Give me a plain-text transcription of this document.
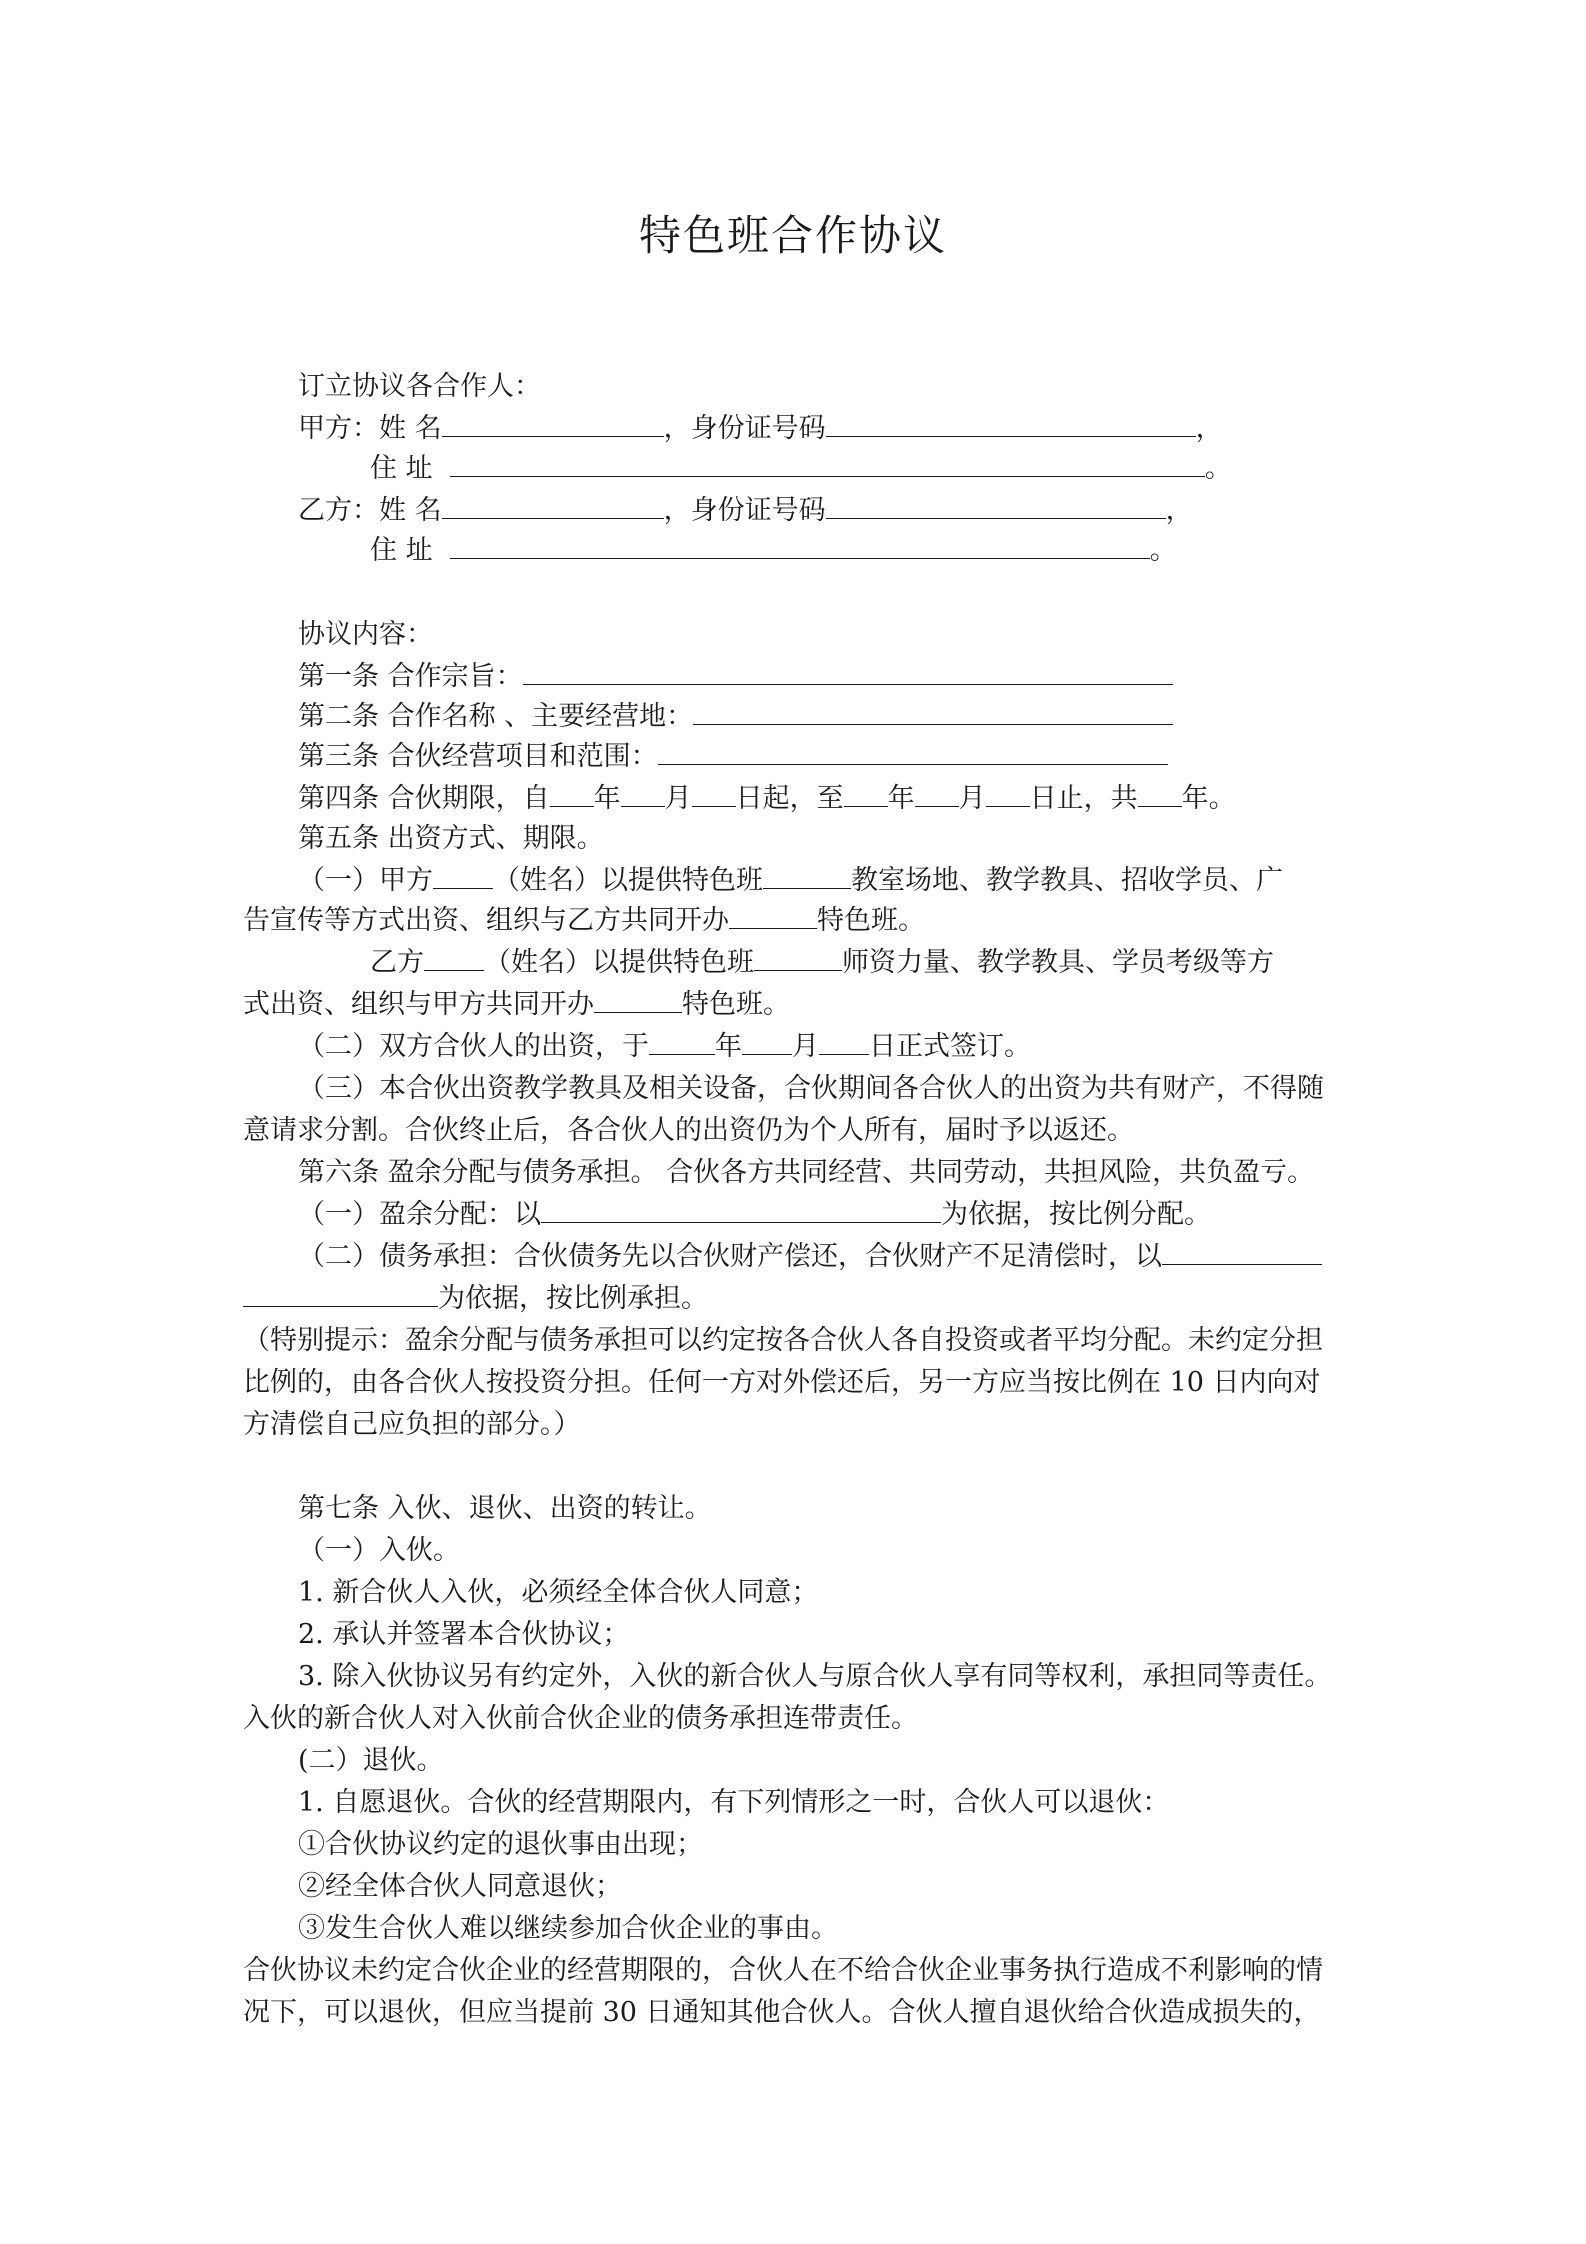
特色班合作协议
订立协议各合作人：
甲方：姓 名	，身份证号码	，
住 址	。
乙方：姓 名	，身份证号码	，
住 址	。
协议内容：
第一条 合作宗旨：
第二条 合作名称 、主要经营地：
第三条 合伙经营项目和范围：
第四条 合伙期限，自 年 月 日起，至 年 月 日止，共 年。
第五条 出资方式、期限。
（一）甲方 （姓名）以提供特色班	教室场地、教学教具、招收学员、广
告宣传等方式出资、组织与乙方共同开办	特色班。
乙方 （姓名）以提供特色班	师资力量、教学教具、学员考级等方
式出资、组织与甲方共同开办	特色班。
（二）双方合伙人的出资，于 年 月 日正式签订。
（三）本合伙出资教学教具及相关设备，合伙期间各合伙人的出资为共有财产，不得随
意请求分割。合伙终止后，各合伙人的出资仍为个人所有，届时予以返还。
第六条 盈余分配与债务承担。 合伙各方共同经营、共同劳动，共担风险，共负盈亏。
（一）盈余分配：以	为依据，按比例分配。
（二）债务承担：合伙债务先以合伙财产偿还，合伙财产不足清偿时，以
为依据，按比例承担。
（特别提示：盈余分配与债务承担可以约定按各合伙人各自投资或者平均分配。未约定分担
比例的，由各合伙人按投资分担。任何一方对外偿还后，另一方应当按比例在 10 日内向对
方清偿自己应负担的部分。）
第七条 入伙、退伙、出资的转让。
（一）入伙。
1. 新合伙人入伙，必须经全体合伙人同意；
2. 承认并签署本合伙协议；
3. 除入伙协议另有约定外，入伙的新合伙人与原合伙人享有同等权利，承担同等责任。
入伙的新合伙人对入伙前合伙企业的债务承担连带责任。
(二）退伙。
1. 自愿退伙。合伙的经营期限内，有下列情形之一时，合伙人可以退伙：
①合伙协议约定的退伙事由出现；
②经全体合伙人同意退伙；
③发生合伙人难以继续参加合伙企业的事由。
合伙协议未约定合伙企业的经营期限的，合伙人在不给合伙企业事务执行造成不利影响的情
况下，可以退伙，但应当提前 30 日通知其他合伙人。合伙人擅自退伙给合伙造成损失的，
